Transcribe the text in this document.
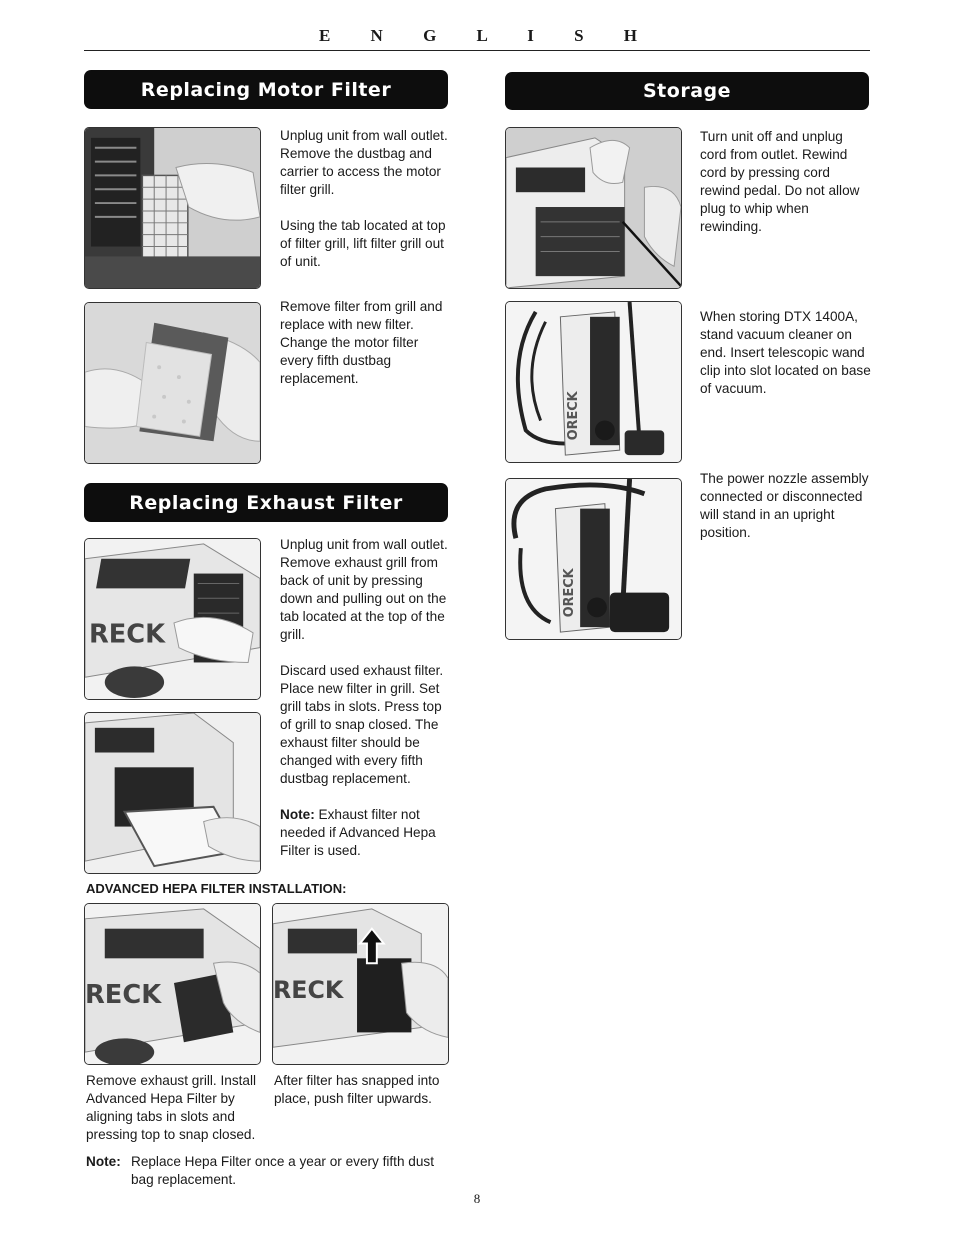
E N G L I S H
Replacing Motor Filter

Unplug unit from wall outlet. Remove the dustbag and carrier to access the motor filter grill.

Using the tab located at top of filter grill, lift filter grill out of unit.

Remove filter from grill and replace with new filter. Change the motor filter every fifth dustbag replacement.
Replacing Exhaust Filter
RECK

Unplug unit from wall outlet. Remove exhaust grill from back of unit by pressing down and pulling out on the tab located at the top of the grill.

Discard used exhaust filter. Place new filter in grill. Set grill tabs in slots. Press top of grill to snap closed. The exhaust filter should be changed with every fifth dustbag replacement.

Note: Exhaust filter not needed if Advanced Hepa Filter is used.

ADVANCED HEPA FILTER INSTALLATION:
RECK	RECK
Remove exhaust grill. Install Advanced Hepa Filter by aligning tabs in slots and pressing top to snap closed.
After filter has snapped into place, push filter upwards.
Note: Replace Hepa Filter once a year or every fifth dust bag replacement.
Storage
Turn unit off and unplug cord from outlet. Rewind cord by pressing cord rewind pedal. Do not allow plug to whip when rewinding.
ORECK
When storing DTX 1400A, stand vacuum cleaner on end. Insert telescopic wand clip into slot located on base of vacuum.
ORECK
The power nozzle assembly connected or disconnected will stand in an upright position.
8
